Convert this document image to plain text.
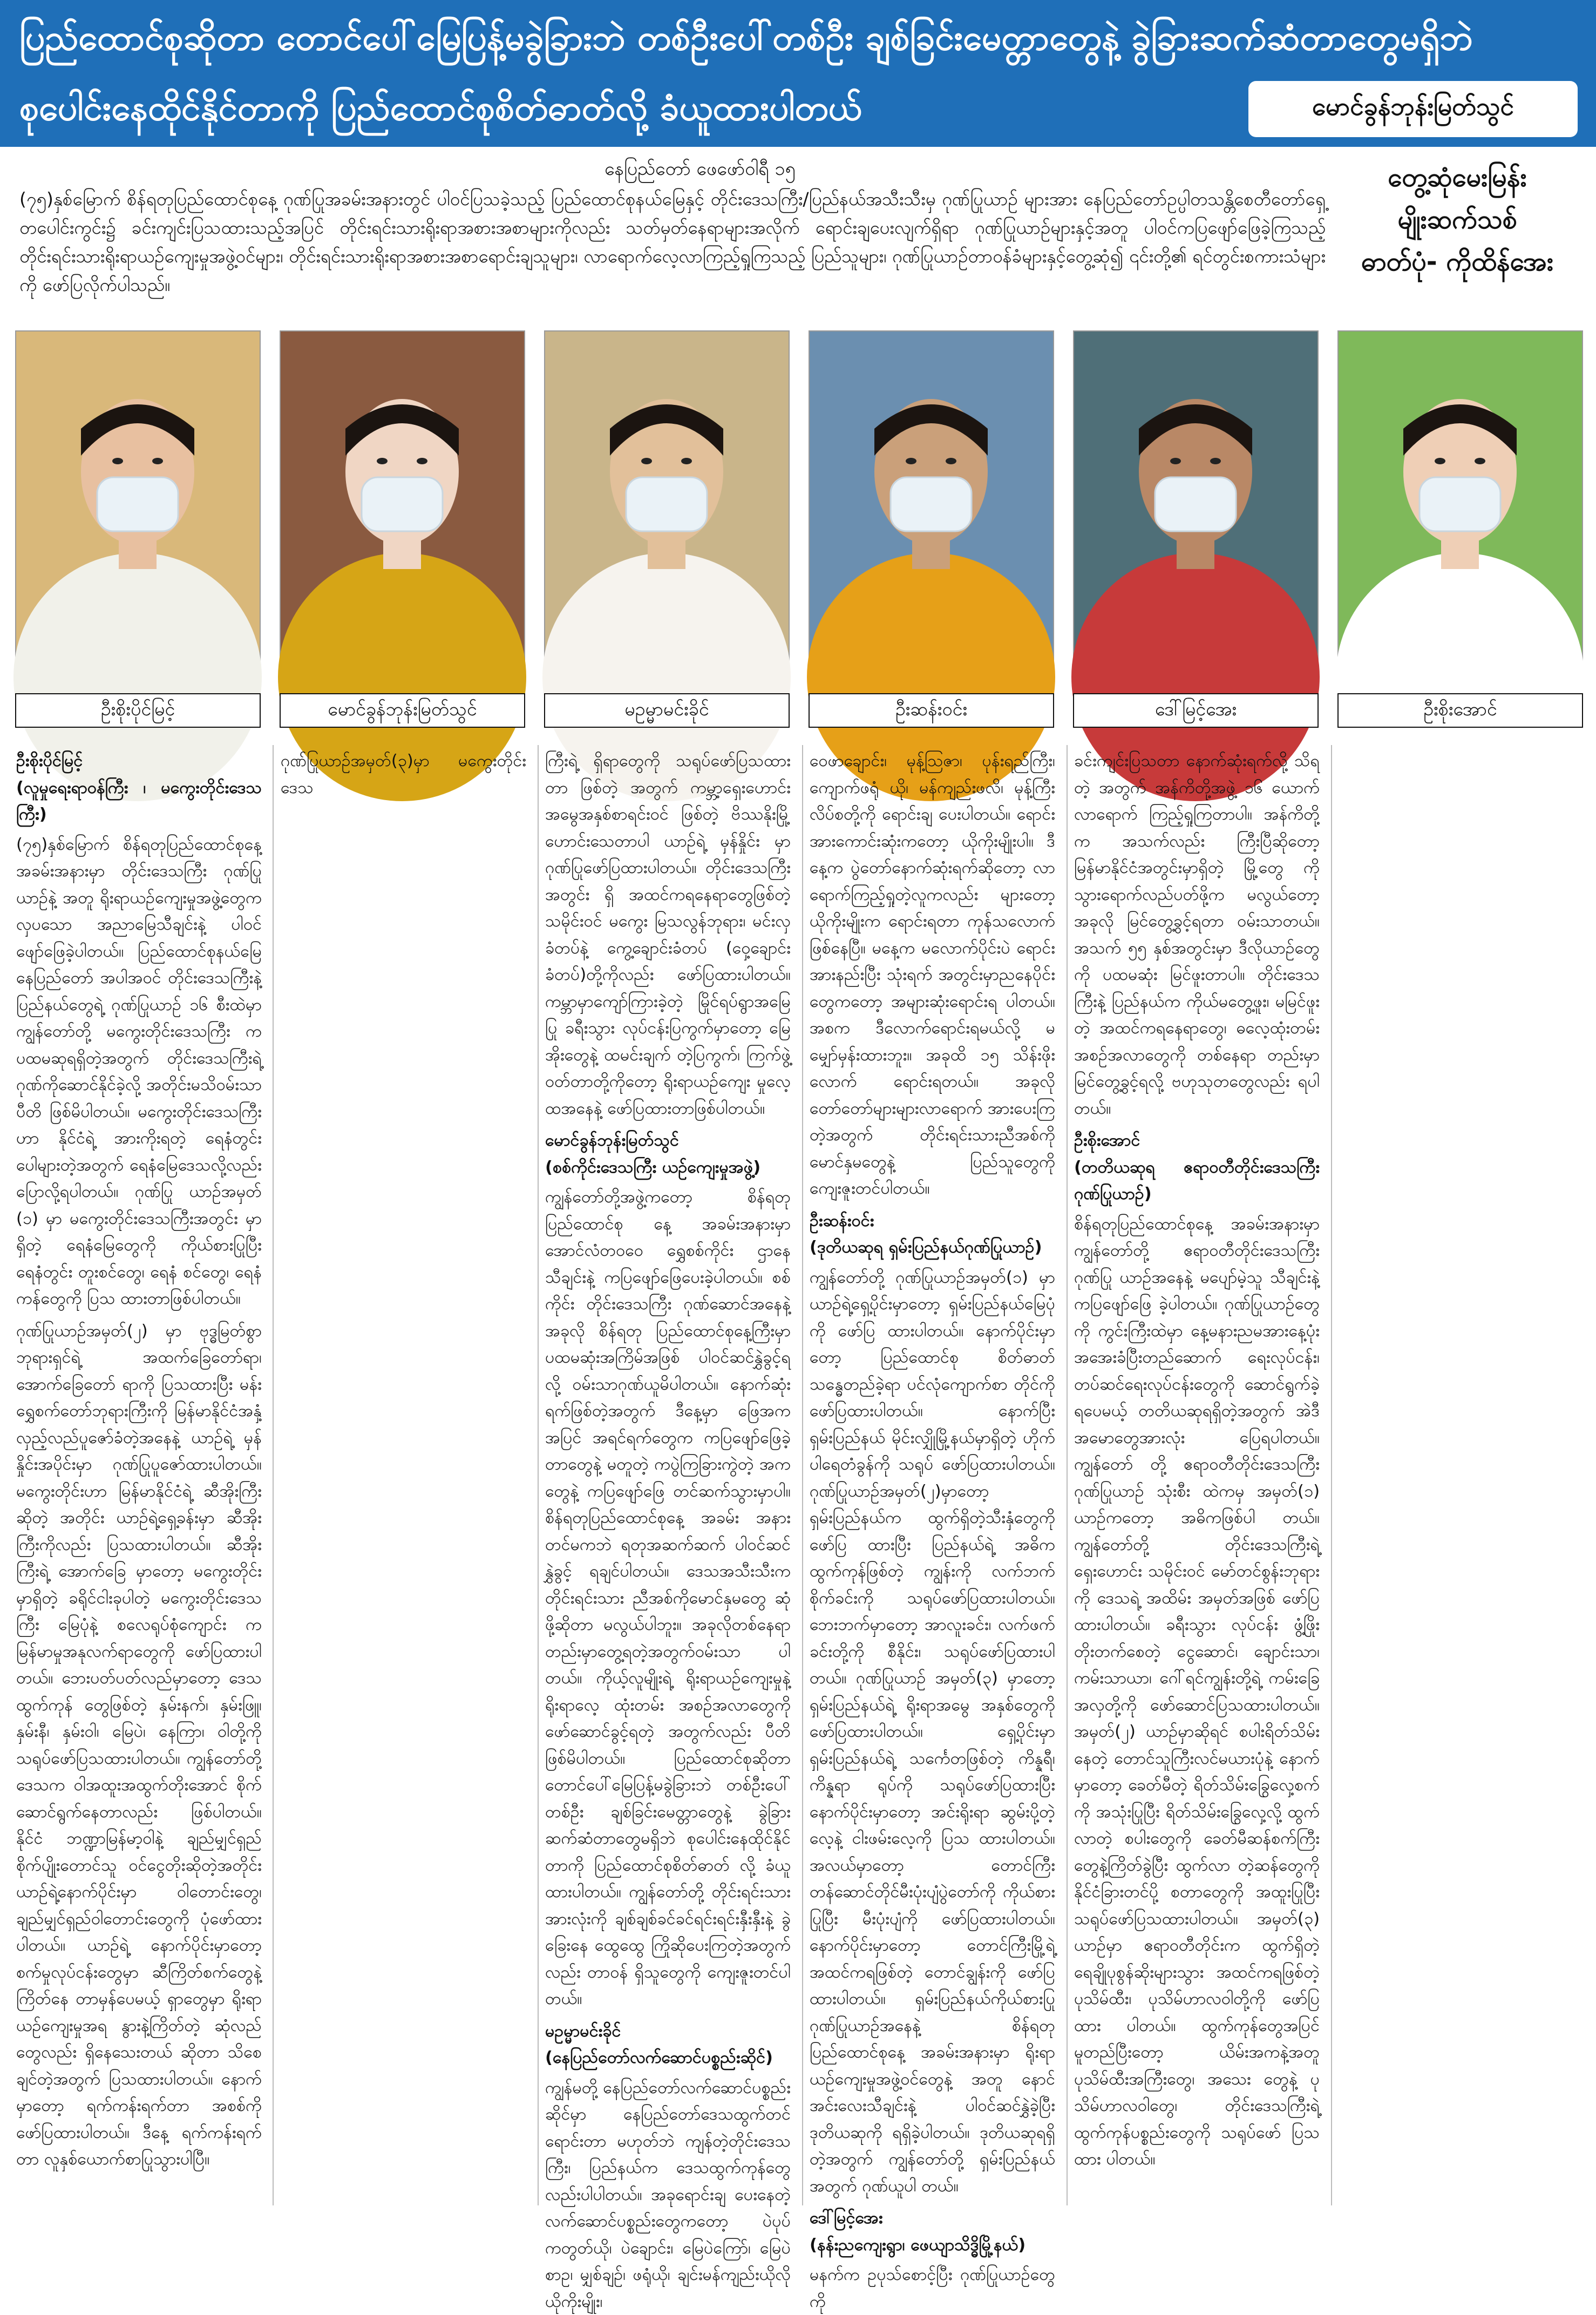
ပြည်ထောင်စုဆိုတာ တောင်ပေါ်မြေပြန့်မခွဲခြားဘဲ တစ်ဦးပေါ်တစ်ဦး ချစ်ခြင်းမေတ္တာတွေနဲ့ ခွဲခြားဆက်ဆံတာတွေမရှိဘဲ
စုပေါင်းနေထိုင်နိုင်တာကို ပြည်ထောင်စုစိတ်ဓာတ်လို့ ခံယူထားပါတယ်	မောင်ခွန်ဘုန်းမြတ်သွင်
နေပြည်တော် ဖေဖော်ဝါရီ ၁၅
(၇၅)နှစ်မြောက် စိန်ရတုပြည်ထောင်စုနေ့ ဂုဏ်ပြုအခမ်းအနားတွင် ပါဝင်ပြသခဲ့သည့် ပြည်ထောင်စုနယ်မြေနှင့် တိုင်းဒေသကြီး/ပြည်နယ်အသီးသီးမှ ဂုဏ်ပြုယာဉ် များအား နေပြည်တော်ဥပ္ပါတသန္တိစေတီတော်ရှေ့ တပေါင်းကွင်း၌ ခင်းကျင်းပြသထားသည့်အပြင် တိုင်းရင်းသားရိုးရာအစားအစာများကိုလည်း သတ်မှတ်နေရာများအလိုက် ရောင်းချပေးလျက်ရှိရာ ဂုဏ်ပြုယာဉ်များနှင့်အတူ ပါဝင်ကပြဖျော်ဖြေခဲ့ကြသည့် တိုင်းရင်းသားရိုးရာယဉ်ကျေးမှုအဖွဲ့ဝင်များ၊ တိုင်းရင်းသားရိုးရာအစားအစာရောင်းချသူများ၊ လာရောက်လေ့လာကြည့်ရှုကြသည့် ပြည်သူများ၊ ဂုဏ်ပြုယာဉ်တာဝန်ခံများနှင့်တွေ့ဆုံ၍ ၎င်းတို့၏ ရင်တွင်းစကားသံများကို ဖော်ပြလိုက်ပါသည်။
တွေ့ဆုံမေးမြန်း
မျိုးဆက်သစ်
ဓာတ်ပုံ- ကိုထိန်အေး
ဦးစိုးပိုင်မြင့်	မောင်ခွန်ဘုန်းမြတ်သွင်	မဥမ္မာမင်းခိုင်	ဦးဆန်းဝင်း	ဒေါ်မြင့်အေး	ဦးစိုးအောင်

ဦးစိုးပိုင်မြင့်

(လူမှုရေးရာဝန်ကြီး ၊ မကွေးတိုင်းဒေသကြီး)

(၇၅)နှစ်မြောက် စိန်ရတုပြည်ထောင်စုနေ့ အခမ်းအနားမှာ တိုင်းဒေသကြီး ဂုဏ်ပြုယာဉ်နဲ့ အတူ ရိုးရာယဉ်ကျေးမှုအဖွဲ့တွေက လှပသော အညာမြေသီချင်းနဲ့ ပါဝင်ဖျော်ဖြေခဲ့ပါတယ်။ ပြည်ထောင်စုနယ်မြေ နေပြည်တော် အပါအဝင် တိုင်းဒေသကြီးနဲ့ ပြည်နယ်တွေရဲ့ ဂုဏ်ပြုယာဉ် ၁၆ စီးထဲမှာ ကျွန်တော်တို့ မကွေးတိုင်းဒေသကြီး က ပထမဆုရရှိတဲ့အတွက် တိုင်းဒေသကြီးရဲ့ ဂုဏ်ကိုဆောင်နိုင်ခဲ့လို့ အတိုင်းမသိဝမ်းသာပီတိ ဖြစ်မိပါတယ်။ မကွေးတိုင်းဒေသကြီးဟာ နိုင်ငံရဲ့ အားကိုးရတဲ့ ရေနံတွင်း ပေါများတဲ့အတွက် ရေနံမြေဒေသလို့လည်း ပြောလို့ရပါတယ်။ ဂုဏ်ပြု ယာဉ်အမှတ် (၁) မှာ မကွေးတိုင်းဒေသကြီးအတွင်း မှာရှိတဲ့ ရေနံမြေတွေကို ကိုယ်စားပြုပြီး ရေနံတွင်း တူးစင်တွေ၊ ရေနံ စင်တွေ၊ ရေနံကန်တွေကို ပြသ ထားတာဖြစ်ပါတယ်။

ဂုဏ်ပြုယာဉ်အမှတ်(၂) မှာ ဗုဒ္ဓမြတ်စွာ ဘုရားရှင်ရဲ့ အထက်ခြေတော်ရာ၊ အောက်ခြေတော် ရာကို ပြသထားပြီး မန်းရွှေစက်တော်ဘုရားကြီးကို မြန်မာနိုင်ငံအနှံ့ လှည့်လည်ပူဇော်ခံတဲ့အနေနဲ့ ယာဉ်ရဲ့ မှန်နှိုင်းအပိုင်းမှာ ဂုဏ်ပြုပူဇော်ထားပါတယ်။ မကွေးတိုင်းဟာ မြန်မာနိုင်ငံရဲ့ ဆီအိုးကြီးဆိုတဲ့ အတိုင်း ယာဉ်ရဲ့ရှေ့ခန်းမှာ ဆီအိုးကြီးကိုလည်း ပြသထားပါတယ်။ ဆီအိုးကြီးရဲ့ အောက်ခြေ မှာတော့ မကွေးတိုင်းမှာရှိတဲ့ ခရိုင်ငါးခုပါတဲ့ မကွေးတိုင်းဒေသကြီး မြေပုံနဲ့ စလေရုပ်စုံကျောင်း က မြန်မာမှုအနုလက်ရာတွေကို ဖော်ပြထားပါ တယ်။ ဘေးပတ်ပတ်လည်မှာတော့ ဒေသထွက်ကုန် တွေဖြစ်တဲ့ နှမ်းနက်၊ နှမ်းဖြူ၊ နှမ်းနီ၊ နှမ်းဝါ၊ မြေပဲ၊ နေကြာ၊ ဝါတို့ကို သရုပ်ဖော်ပြသထားပါတယ်။ ကျွန်တော်တို့ဒေသက ဝါအထူးအထွက်တိုးအောင် စိုက်ဆောင်ရွက်နေတာလည်း ဖြစ်ပါတယ်။ နိုင်ငံ ဘဏ္ဍာမြန်မာ့ဝါနဲ့ ချည်မျှင်ရှည် စိုက်ပျိုးတောင်သူ ဝင်ငွေတိုးဆိုတဲ့အတိုင်း ယာဉ်ရဲ့နောက်ပိုင်းမှာ ဝါတောင်းတွေ၊ ချည်မျှင်ရှည်ဝါတောင်းတွေကို ပုံဖော်ထားပါတယ်။ ယာဉ်ရဲ့ နောက်ပိုင်းမှာတော့ စက်မှုလုပ်ငန်းတွေမှာ ဆီကြိတ်စက်တွေနဲ့ကြိတ်နေ တာမှန်ပေမယ့် ရှာတွေမှာ ရိုးရာယဉ်ကျေးမှုအရ နွားနဲ့ကြိတ်တဲ့ ဆုံလည်တွေလည်း ရှိနေသေးတယ် ဆိုတာ သိစေချင်တဲ့အတွက် ပြသထားပါတယ်။ နောက်မှာတော့ ရက်ကန်းရက်တာ အစစ်ကို ဖော်ပြထားပါတယ်။ ဒီနေ့ ရက်ကန်းရက်တာ လူနှစ်ယောက်စာပြုသွားပါပြီ။

ဂုဏ်ပြုယာဉ်အမှတ်(၃)မှာ မကွေးတိုင်းဒေသ

ကြီးရဲ့ ရှိရာတွေကို သရုပ်ဖော်ပြသထားတာ ဖြစ်တဲ့ အတွက် ကမ္ဘာ့ရှေးဟောင်းအမွေအနှစ်စာရင်းဝင် ဖြစ်တဲ့ ဗိဿနိုးမြို့ဟောင်းသေတာပါ ယာဉ်ရဲ့ မှန်နှိုင်း မှာ ဂုဏ်ပြုဖော်ပြထားပါတယ်။ တိုင်းဒေသကြီးအတွင်း ရှိ အထင်ကရနေရာတွေဖြစ်တဲ့ သမိုင်းဝင် မကွေး မြသလွန်ဘုရား၊ မင်းလှခံတပ်နဲ့ ကွေ့ချောင်းခံတပ် (ဝှေ့ချောင်းခံတပ်)တို့ကိုလည်း ဖော်ပြထားပါတယ်။ ကမ္ဘာမှာကျော်ကြားခဲ့တဲ့ မြိုင်ရပ်ရွာအမြေပြု ခရီးသွား လုပ်ငန်းပြကွက်မှာတော့ မြေအိုးတွေနဲ့ ထမင်းချက် တဲ့ပြကွက်၊ ကြက်ဖွဲ့ဝတ်တာတို့ကိုတော့ ရိုးရာယဉ်ကျေး မှုလေ့ထအနေနဲ့ ဖော်ပြထားတာဖြစ်ပါတယ်။

မောင်ခွန်ဘုန်းမြတ်သွင်

(စစ်ကိုင်းဒေသကြီး ယဉ်ကျေးမှုအဖွဲ့)

ကျွန်တော်တို့အဖွဲ့ကတော့ စိန်ရတုပြည်ထောင်စု နေ့ အခမ်းအနားမှာ အောင်လံတဝဝေ ရွှေစစ်ကိုင်း ဌာနေ သီချင်းနဲ့ ကပြဖျော်ဖြေပေးခဲ့ပါတယ်။ စစ်ကိုင်း တိုင်းဒေသကြီး ဂုဏ်ဆောင်အနေနဲ့ အခုလို စိန်ရတု ပြည်ထောင်စုနေ့ကြီးမှာ ပထမဆုံးအကြိမ်အဖြစ် ပါဝင်ဆင်နွှဲခွင့်ရလို့ ဝမ်းသာဂုဏ်ယူမိပါတယ်။ နောက်ဆုံးရက်ဖြစ်တဲ့အတွက် ဒီနေ့မှာ ဖြေအက အပြင် အရင်ရက်တွေက ကပြဖျော်ဖြေခဲ့တာတွေနဲ့ မတူတဲ့ ကပွဲကြခြားကွဲတဲ့ အကတွေနဲ့ ကပြဖျော်ဖြေ တင်ဆက်သွားမှာပါ။ စိန်ရတုပြည်ထောင်စုနေ့ အခမ်း အနားတင်မကဘဲ ရတုအဆက်ဆက် ပါဝင်ဆင်နွှဲခွင့် ရချင်ပါတယ်။ ဒေသအသီးသီးက တိုင်းရင်းသား ညီအစ်ကိုမောင်နှမတွေ ဆုံဖို့ဆိုတာ မလွယ်ပါဘူး။ အခုလိုတစ်နေရာတည်းမှာတွေ့ရတဲ့အတွက်ဝမ်းသာ ပါတယ်။ ကိုယ့်လူမျိုးရဲ့ ရိုးရာယဉ်ကျေးမှုနဲ့ရိုးရာလေ့ ထုံးတမ်း အစဉ်အလာတွေကို ဖော်ဆောင်ခွင့်ရတဲ့ အတွက်လည်း ပီတိဖြစ်မိပါတယ်။ ပြည်ထောင်စုဆိုတာ တောင်ပေါ်မြေပြန့်မခွဲခြားဘဲ တစ်ဦးပေါ်တစ်ဦး ချစ်ခြင်းမေတ္တာတွေနဲ့ ခွဲခြားဆက်ဆံတာတွေမရှိဘဲ စုပေါင်းနေထိုင်နိုင်တာကို ပြည်ထောင်စုစိတ်ဓာတ် လို့ ခံယူထားပါတယ်။ ကျွန်တော်တို့ တိုင်းရင်းသား အားလုံးကို ချစ်ချစ်ခင်ခင်ရင်းရင်းနှီးနှီးနဲ့ ခွဲခြေးနေ ထွေထွေ ကြိုဆိုပေးကြတဲ့အတွက်လည်း တာဝန် ရှိသူတွေကို ကျေးဇူးတင်ပါတယ်။

မဥမ္မာမင်းခိုင်

(နေပြည်တော်လက်ဆောင်ပစ္စည်းဆိုင်)

ကျွန်မတို့ နေပြည်တော်လက်ဆောင်ပစ္စည်း ဆိုင်မှာ နေပြည်တော်ဒေသထွက်တင် ရောင်းတာ မဟုတ်ဘဲ ကျန်တဲ့တိုင်းဒေသကြီး၊ ပြည်နယ်က ဒေသထွက်ကုန်တွေလည်းပါပါတယ်။ အခုရောင်းချ ပေးနေတဲ့ လက်ဆောင်ပစ္စည်းတွေကတော့ ပဲပုပ် ကတွတ်ယို၊ ပဲချောင်း၊ မြေပဲကြော်၊ မြေပဲစာဥ၊ မျှစ်ချဉ်၊ ဖရုံယို၊ ချင်းမန်ကျည်းယိုလို ယိုကိုးမျိုး၊

ဝေဖာချောင်း၊ မုန့်သြဇာ၊ ပုန်းရည်ကြီး၊ ကျောက်ဖရုံ ယို၊ မန်ကျည်းဖလိ၊ မုန့်ကြီးလိပ်စတို့ကို ရောင်းချ ပေးပါတယ်။ ရောင်းအားကောင်းဆုံးကတော့ ယိုကိုးမျိုးပါ။ ဒီနေ့က ပွဲတော်နောက်ဆုံးရက်ဆိုတော့ လာရောက်ကြည့်ရှုတဲ့လူကလည်း များတော့ ယိုကိုးမျိုးက ရောင်းရတာ ကုန်သလောက်ဖြစ်နေပြီ။ မနေ့က မလောက်ပိုင်းပဲ ရောင်းအားနည်းပြီး သုံးရက် အတွင်းမှာညနေပိုင်းတွေကတော့ အများဆုံးရောင်းရ ပါတယ်။ အစက ဒီလောက်ရောင်းရမယ်လို့ မမျှော်မှန်းထားဘူး။ အခုထိ ၁၅ သိန်းဖိုးလောက် ရောင်းရတယ်။ အခုလိုတော်တော်များများလာရောက် အားပေးကြတဲ့အတွက် တိုင်းရင်းသားညီအစ်ကို မောင်နှမတွေနဲ့ ပြည်သူတွေကို ကျေးဇူးတင်ပါတယ်။

ဦးဆန်းဝင်း

(ဒုတိယဆုရ ရှမ်းပြည်နယ်ဂုဏ်ပြုယာဉ်)

ကျွန်တော်တို့ ဂုဏ်ပြုယာဉ်အမှတ်(၁) မှာ ယာဉ်ရဲ့ရှေ့ပိုင်းမှာတော့ ရှမ်းပြည်နယ်မြေပုံကို ဖော်ပြ ထားပါတယ်။ နောက်ပိုင်းမှာတော့ ပြည်ထောင်စု စိတ်ဓာတ် သန္ဓေတည်ခဲ့ရာ ပင်လုံကျောက်စာ တိုင်ကို ဖော်ပြထားပါတယ်။ နောက်ပြီး ရှမ်းပြည်နယ် မိုင်းလျှိုမြို့နယ်မှာရှိတဲ့ ဟိုက်ပါရေတံခွန်ကို သရုပ် ဖော်ပြထားပါတယ်။ ဂုဏ်ပြုယာဉ်အမှတ်(၂)မှာတော့ ရှမ်းပြည်နယ်က ထွက်ရှိတဲ့သီးနှံတွေကို ဖော်ပြ ထားပြီး ပြည်နယ်ရဲ့ အဓိကထွက်ကုန်ဖြစ်တဲ့ ကျွန်းကို လက်ဘက်စိုက်ခင်းကို သရုပ်ဖော်ပြထားပါတယ်။ ဘေးဘက်မှာတော့ အာလူးခင်း၊ လက်ဖက်ခင်းတို့ကို စီနိုင်း၊ သရုပ်ဖော်ပြထားပါတယ်။ ဂုဏ်ပြုယာဉ် အမှတ်(၃) မှာတော့ ရှမ်းပြည်နယ်ရဲ့ ရိုးရာအမွေ အနှစ်တွေကို ဖော်ပြထားပါတယ်။ ရှေ့ပိုင်းမှာ ရှမ်းပြည်နယ်ရဲ့ သင်္ကေတဖြစ်တဲ့ ကိန္နရီ၊ ကိန္နရာ ရုပ်ကို သရုပ်ဖော်ပြထားပြီး နောက်ပိုင်းမှာတော့ အင်းရိုးရာ ဆွမ်းပို့တဲ့လေ့နဲ့ ငါးဖမ်းလေ့ကို ပြသ ထားပါတယ်။ အလယ်မှာတော့ တောင်ကြီး တန်ဆောင်တိုင်မီးပုံးပျံပွဲတော်ကို ကိုယ်စားပြုပြီး မီးပုံးပျံကို ဖော်ပြထားပါတယ်။ နောက်ပိုင်းမှာတော့ တောင်ကြီးမြို့ရဲ့ အထင်ကရဖြစ်တဲ့ တောင်ချွန်းကို ဖော်ပြထားပါတယ်။ ရှမ်းပြည်နယ်ကိုယ်စားပြု ဂုဏ်ပြုယာဉ်အနေနဲ့ စိန်ရတုပြည်ထောင်စုနေ့ အခမ်းအနားမှာ ရိုးရာယဉ်ကျေးမှုအဖွဲ့ဝင်တွေနဲ့ အတူ နောင်အင်းလေးသီချင်းနဲ့ ပါဝင်ဆင်နွှဲခဲ့ပြီး ဒုတိယဆုကို ရရှိခဲ့ပါတယ်။ ဒုတိယဆုရရှိတဲ့အတွက် ကျွန်တော်တို့ ရှမ်းပြည်နယ်အတွက် ဂုဏ်ယူပါ တယ်။

ဒေါ်မြင့်အေး

(နန်းညကျေးရွာ၊ ဖေယျာသိဒ္ဓိမြို့နယ်)

မနက်က ဥပုသ်စောင့်ပြီး ဂုဏ်ပြုယာဉ်တွေကို

ခင်းကျင်းပြသတာ နောက်ဆုံးရက်လို့ သိရတဲ့ အတွက် အန်ကိတို့အဖွဲ့ ၁၆ ယောက် လာရောက် ကြည့်ရှုကြတာပါ။ အန်ကိတို့က အသက်လည်း ကြီးပြီဆိုတော့ မြန်မာနိုင်ငံအတွင်းမှာရှိတဲ့ မြို့တွေ ကို သွားရောက်လည်ပတ်ဖို့က မလွယ်တော့ အခုလို မြင်တွေ့ခွင့်ရတာ ဝမ်းသာတယ်။ အသက် ၅၅ နှစ်အတွင်းမှာ ဒီလိုယာဉ်တွေကို ပထမဆုံး မြင်ဖူးတာပါ။ တိုင်းဒေသကြီးနဲ့ ပြည်နယ်က ကိုယ်မတွေ့ဖူး၊ မမြင်ဖူးတဲ့ အထင်ကရနေရာတွေ၊ ဓလေ့ထုံးတမ်းအစဉ်အလာတွေကို တစ်နေရာ တည်းမှာ မြင်တွေ့ခွင့်ရလို့ ဗဟုသုတတွေလည်း ရပါတယ်။

ဦးစိုးအောင်

(တတိယဆုရ ဧရာဝတီတိုင်းဒေသကြီး ဂုဏ်ပြုယာဉ်)

စိန်ရတုပြည်ထောင်စုနေ့ အခမ်းအနားမှာ ကျွန်တော်တို့ ဧရာဝတီတိုင်းဒေသကြီး ဂုဏ်ပြု ယာဉ်အနေနဲ့ မပျော်မဲ့သူ သီချင်းနဲ့ ကပြဖျော်ဖြေ ခဲ့ပါတယ်။ ဂုဏ်ပြုယာဉ်တွေကို ကွင်းကြီးထဲမှာ နေ့မနားညမအားနေ့ပုံးအအေးခံပြီးတည်ဆောက် ရေးလုပ်ငန်း၊ တပ်ဆင်ရေးလုပ်ငန်းတွေကို ဆောင်ရွက်ခဲ့ရပေမယ့် တတိယဆုရရှိတဲ့အတွက် အဲဒီအမောတွေအားလုံး ပြေရပါတယ်။ ကျွန်တော် တို့ ဧရာဝတီတိုင်းဒေသကြီး ဂုဏ်ပြုယာဉ် သုံးစီး ထဲကမှ အမှတ်(၁) ယာဉ်ကတော့ အဓိကဖြစ်ပါ တယ်။ ကျွန်တော်တို့ တိုင်းဒေသကြီးရဲ့ ရှေးဟောင်း သမိုင်းဝင် မော်တင်စွန်းဘုရားကို ဒေသရဲ့ အထိမ်း အမှတ်အဖြစ် ဖော်ပြထားပါတယ်။ ခရီးသွား လုပ်ငန်း ဖွံ့ဖြိုးတိုးတက်စေတဲ့ ငွေဆောင်၊ ချောင်းသာ၊ ကမ်းသာယာ၊ ဂေါ်ရင်ကျွန်းတို့ရဲ့ ကမ်းခြေအလှတို့ကို ဖော်ဆောင်ပြသထားပါတယ်။ အမှတ်(၂) ယာဉ်မှာဆိုရင် စပါးရိတ်သိမ်းနေတဲ့ တောင်သူကြီးလင်မယားပုံနဲ့ နောက်မှာတော့ ခေတ်မီတဲ့ ရိတ်သိမ်းခြွေလှေ့စက်ကို အသုံးပြုပြီး ရိတ်သိမ်းခြွေလှေ့လို့ ထွက်လာတဲ့ စပါးတွေကို ခေတ်မီဆန်စက်ကြီးတွေနဲ့ကြိတ်ခွဲပြီး ထွက်လာ တဲ့ဆန်တွေကို နိုင်ငံခြားတင်ပို့ စတာတွေကို အထူးပြုပြီး သရုပ်ဖော်ပြသထားပါတယ်။ အမှတ်(၃) ယာဉ်မှာ ဧရာဝတီတိုင်းက ထွက်ရှိတဲ့ ရေချိုပုစွန်ဆိုးများသွား အထင်ကရဖြစ်တဲ့ ပုသိမ်ထီး၊ ပုသိမ်ဟာလဝါတို့ကို ဖော်ပြထား ပါတယ်။ ထွက်ကုန်တွေအပြင် မူတည်ပြီးတော့ ယိမ်းအကနဲ့အတူ ပုသိမ်ထီးအကြီးတွေ၊ အသေး တွေနဲ့ ပုသိမ်ဟာလဝါတွေ၊ တိုင်းဒေသကြီးရဲ့ ထွက်ကုန်ပစ္စည်းတွေကို သရုပ်ဖော် ပြသထား ပါတယ်။
